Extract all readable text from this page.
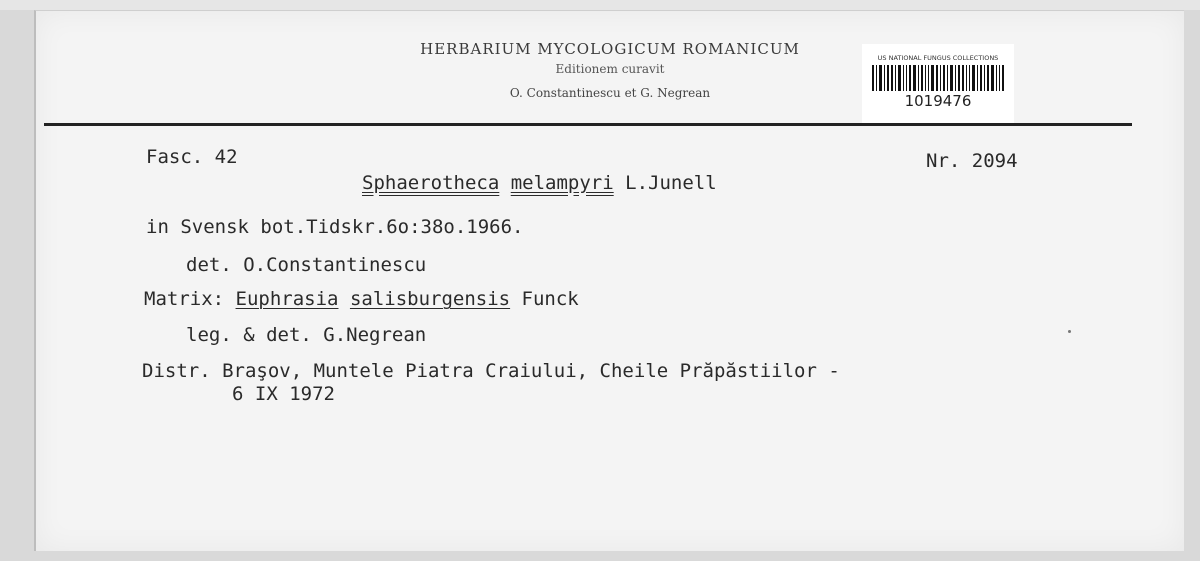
HERBARIUM MYCOLOGICUM ROMANICUM
Editionem curavit
O. Constantinescu et G. Negrean
US NATIONAL FUNGUS COLLECTIONS
1019476
Fasc. 42	Nr. 2094
Sphaerotheca melampyri L.Junell
in Svensk bot.Tidskr.6o:38o.1966.
det. O.Constantinescu
Matrix: Euphrasia salisburgensis Funck
leg. & det. G.Negrean
Distr. Braşov, Muntele Piatra Craiului, Cheile Prăpăstiilor -
6 IX 1972
